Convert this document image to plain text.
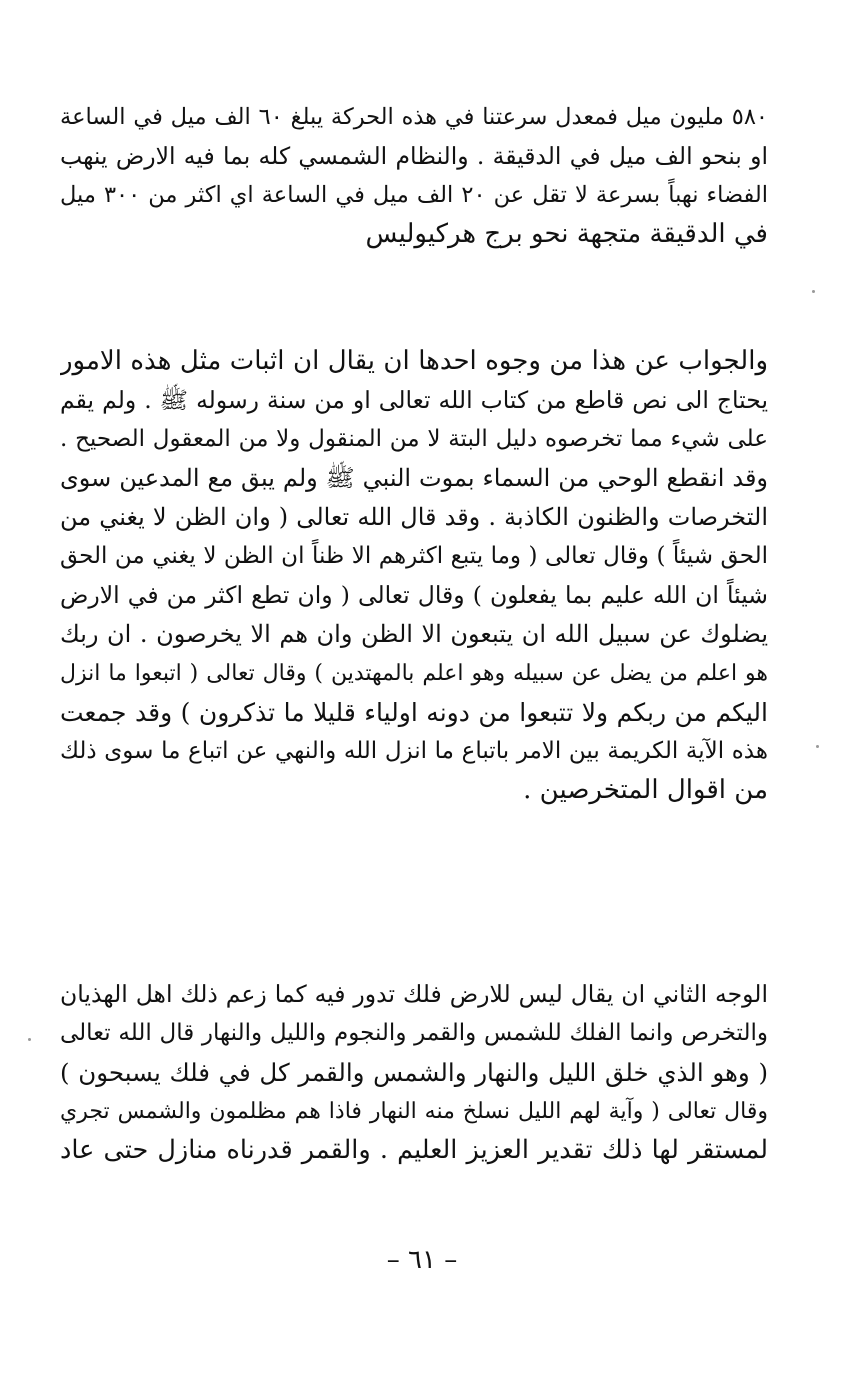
٥٨٠ مليون ميل فمعدل سرعتنا في هذه الحركة يبلغ ٦٠ الف ميل في الساعة
او بنحو الف ميل في الدقيقة . والنظام الشمسي كله بما فيه الارض ينهب
الفضاء نهباً بسرعة لا تقل عن ٢٠ الف ميل في الساعة اي اكثر من ٣٠٠ ميل
في الدقيقة متجهة نحو برج هركيوليس
والجواب عن هذا من وجوه احدها ان يقال ان اثبات مثل هذه الامور
يحتاج الى نص قاطع من كتاب الله تعالى او من سنة رسوله ﷺ . ولم يقم
على شيء مما تخرصوه دليل البتة لا من المنقول ولا من المعقول الصحيح .
وقد انقطع الوحي من السماء بموت النبي ﷺ ولم يبق مع المدعين سوى
التخرصات والظنون الكاذبة . وقد قال الله تعالى ( وان الظن لا يغني من
الحق شيئاً ) وقال تعالى ( وما يتبع اكثرهم الا ظناً ان الظن لا يغني من الحق
شيئاً ان الله عليم بما يفعلون ) وقال تعالى ( وان تطع اكثر من في الارض
يضلوك عن سبيل الله ان يتبعون الا الظن وان هم الا يخرصون . ان ربك
هو اعلم من يضل عن سبيله وهو اعلم بالمهتدين ) وقال تعالى ( اتبعوا ما انزل
اليكم من ربكم ولا تتبعوا من دونه اولياء قليلا ما تذكرون ) وقد جمعت
هذه الآية الكريمة بين الامر باتباع ما انزل الله والنهي عن اتباع ما سوى ذلك
من اقوال المتخرصين .
الوجه الثاني ان يقال ليس للارض فلك تدور فيه كما زعم ذلك اهل الهذيان
والتخرص وانما الفلك للشمس والقمر والنجوم والليل والنهار قال الله تعالى
( وهو الذي خلق الليل والنهار والشمس والقمر كل في فلك يسبحون )
وقال تعالى ( وآية لهم الليل نسلخ منه النهار فاذا هم مظلمون والشمس تجري
لمستقر لها ذلك تقدير العزيز العليم . والقمر قدرناه منازل حتى عاد
– ٦١ –
